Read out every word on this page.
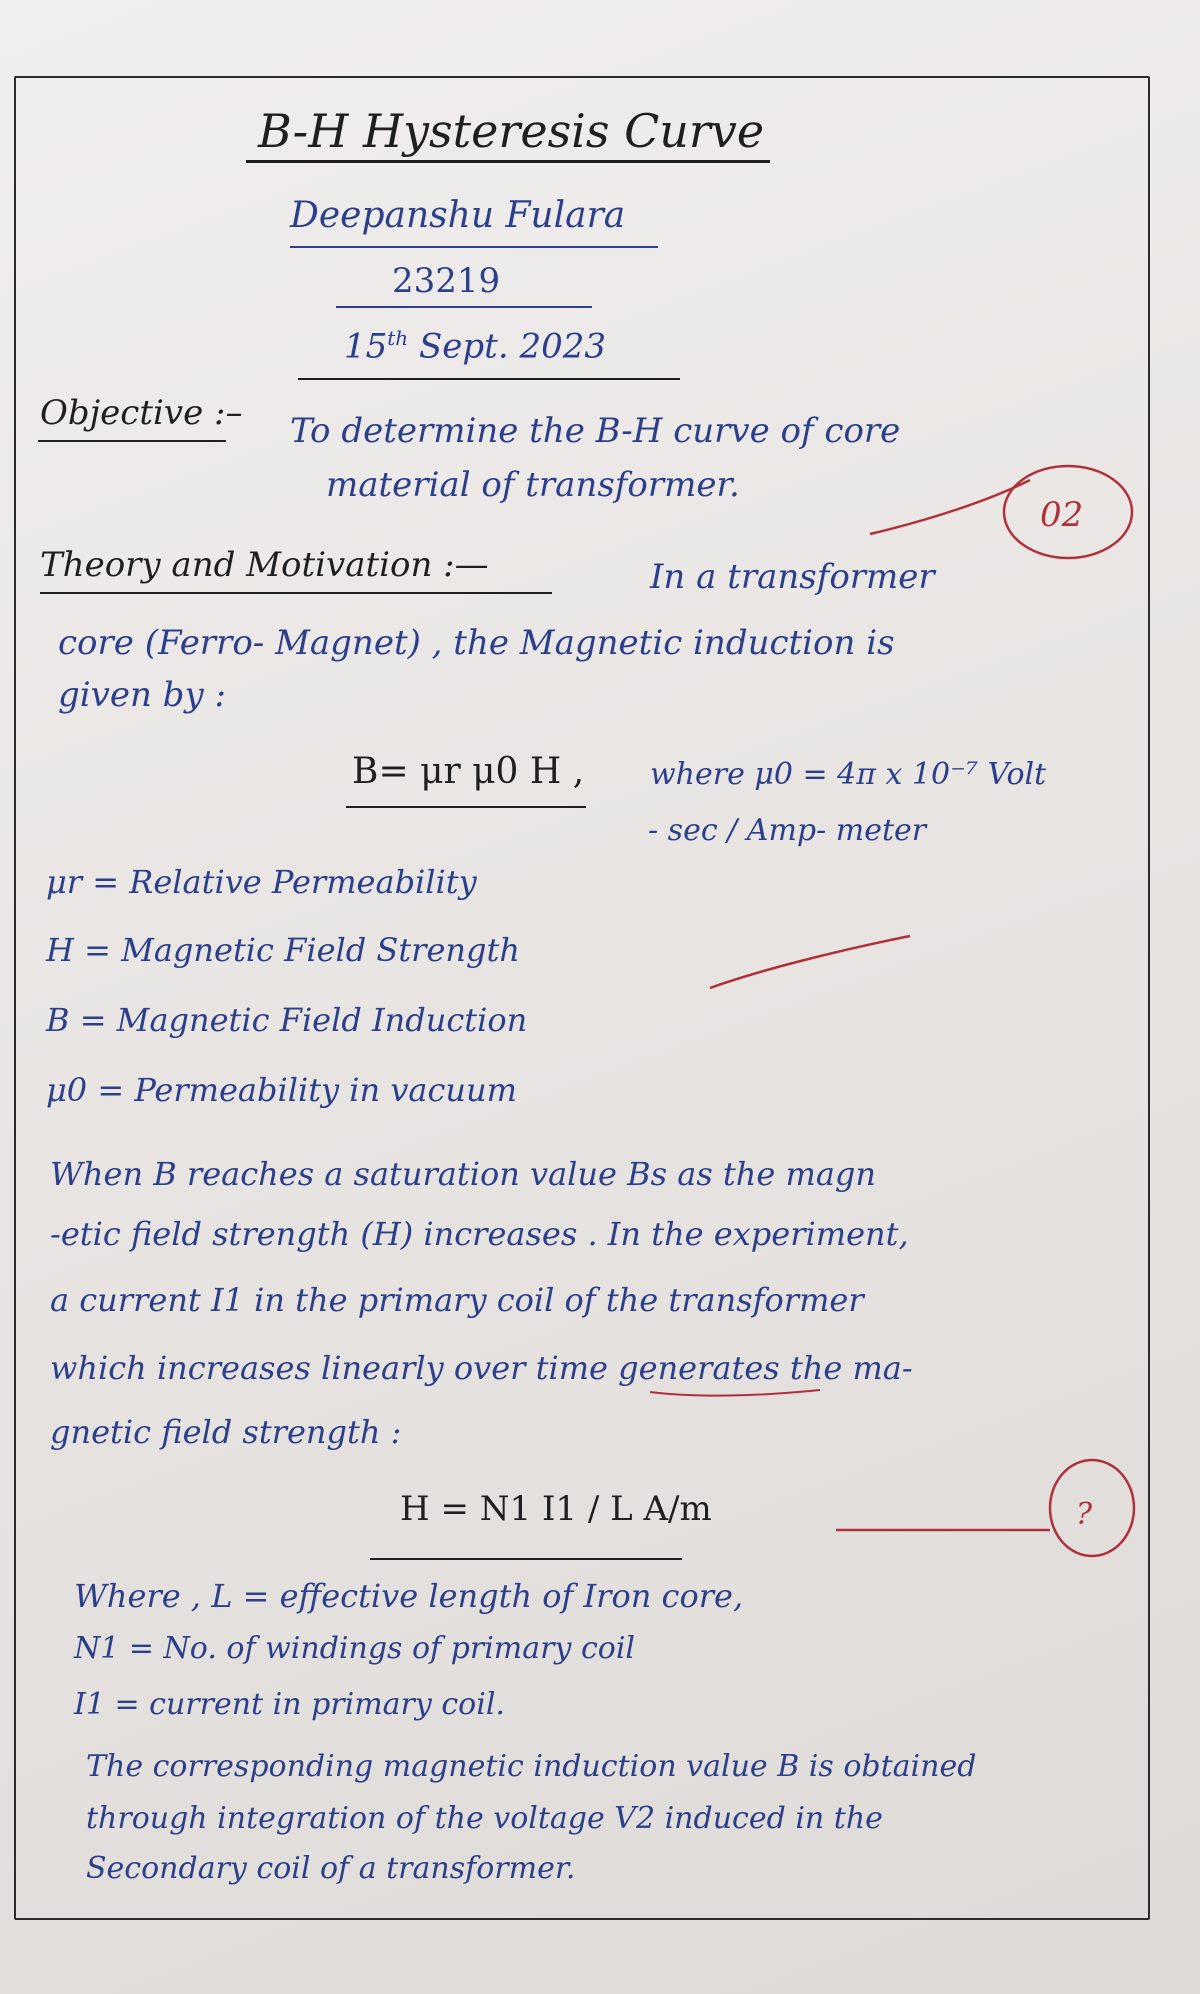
B-H Hysteresis Curve
Deepanshu Fulara
23219
15th Sept. 2023
Objective :– To determine the B-H curve of core
material of transformer.
Theory and Motivation :—	In a transformer
core (Ferro- Magnet) , the Magnetic induction is
given by :
B= μr μ0 H , where μ0 = 4π x 10⁻⁷ Volt
- sec / Amp- meter
μr = Relative Permeability
H = Magnetic Field Strength
B = Magnetic Field Induction
μ0 = Permeability in vacuum
When B reaches a saturation value Bs as the magn
-etic field strength (H) increases . In the experiment,
a current I1 in the primary coil of the transformer
which increases linearly over time generates the ma-
gnetic field strength :
H = N1 I1 / L A/m
Where , L = effective length of Iron core,
N1 = No. of windings of primary coil
I1 = current in primary coil.
The corresponding magnetic induction value B is obtained
through integration of the voltage V2 induced in the
Secondary coil of a transformer.
02
?
